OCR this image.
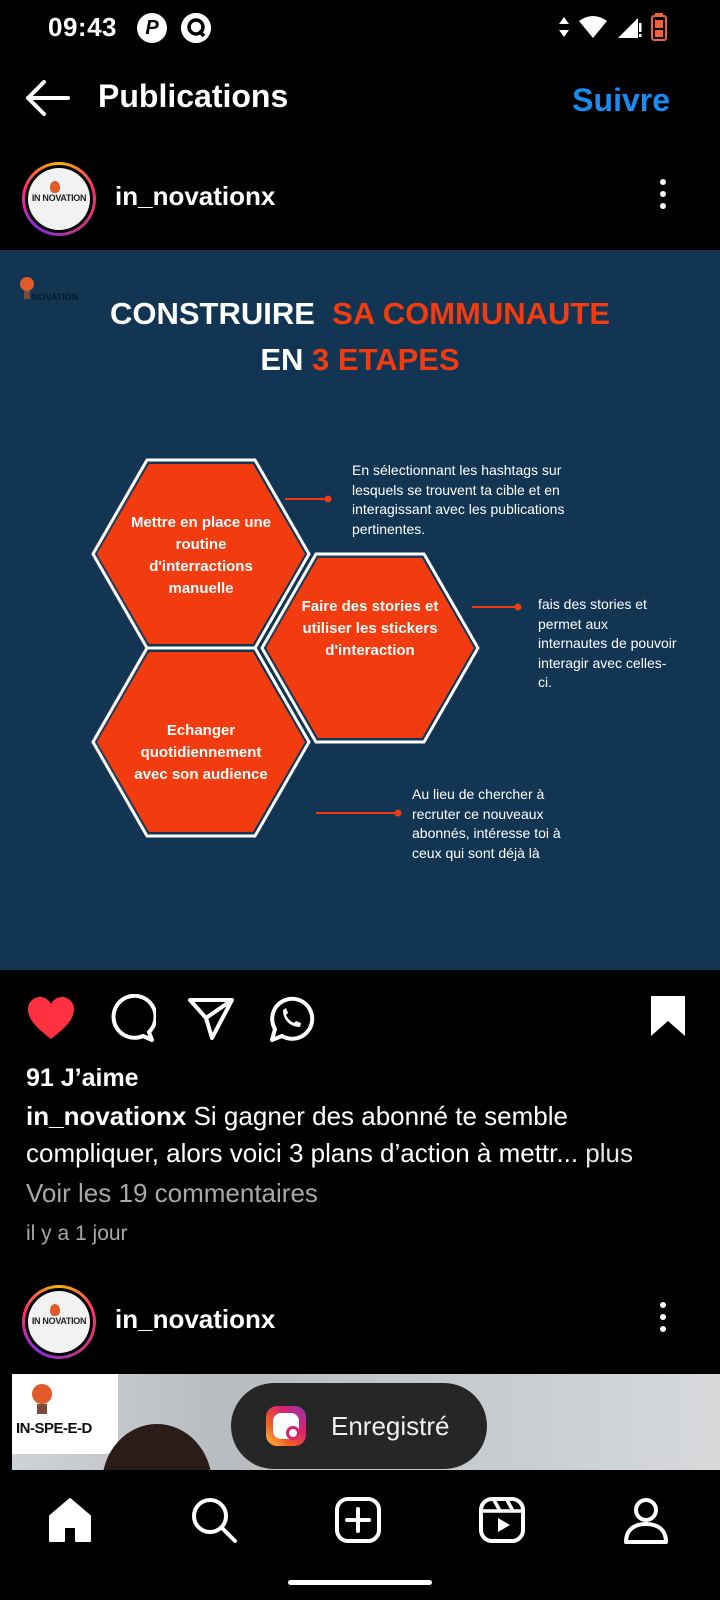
09:43	P
Publications	Suivre
IN NOVATION in_novationx
NOVATION	CONSTRUIRE SA COMMUNAUTE
EN 3 ETAPES
Mettre en place une routine d'interractions manuelle
Faire des stories et utiliser les stickers d'interaction
Echanger quotidiennement avec son audience
En sélectionnant les hashtags sur lesquels se trouvent ta cible et en interagissant avec les publications pertinentes.
fais des stories et permet aux internautes de pouvoir interagir avec celles-ci.
Au lieu de chercher à recruter ce nouveaux abonnés, intéresse toi à ceux qui sont déjà là
91 J’aime
in_novationx Si gagner des abonné te semble compliquer, alors voici 3 plans d’action à mettr... plus
Voir les 19 commentaires
il y a 1 jour
IN NOVATION in_novationx
IN-SPE-E-D	Enregistré
